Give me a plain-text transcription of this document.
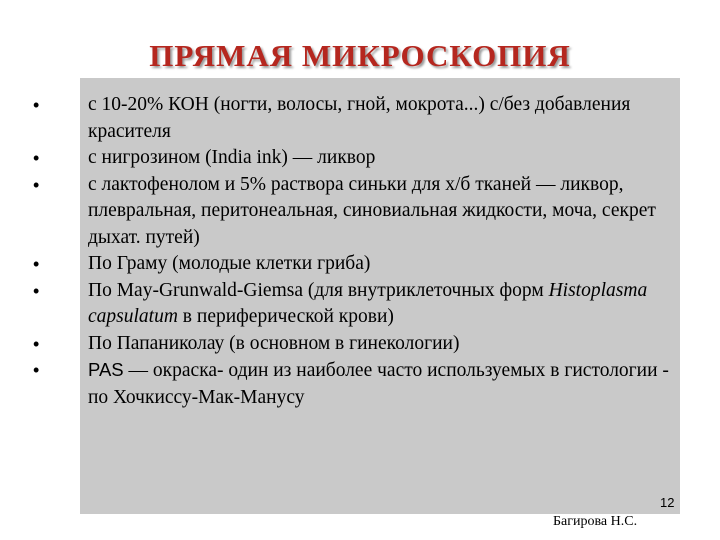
ПРЯМАЯ МИКРОСКОПИЯ
• с 10-20% КОН (ногти, волосы, гной, мокрота...) с/без добавления красителя
• с нигрозином (India ink) — ликвор
• с лактофенолом и 5% раствора синьки для х/б тканей — ликвор, плевральная, перитонеальная, синовиальная жидкости, моча, секрет дыхат. путей)
• По Граму (молодые клетки гриба)
• По May-Grunwald-Giemsa (для внутриклеточных форм Histoplasma capsulatum в периферической крови)
• По Папаниколау (в основном в гинекологии)
•	PAS — окраска- один из наиболее часто используемых в гистологии - по Хочкиссу-Мак-Манусу
12
Багирова Н.С.
